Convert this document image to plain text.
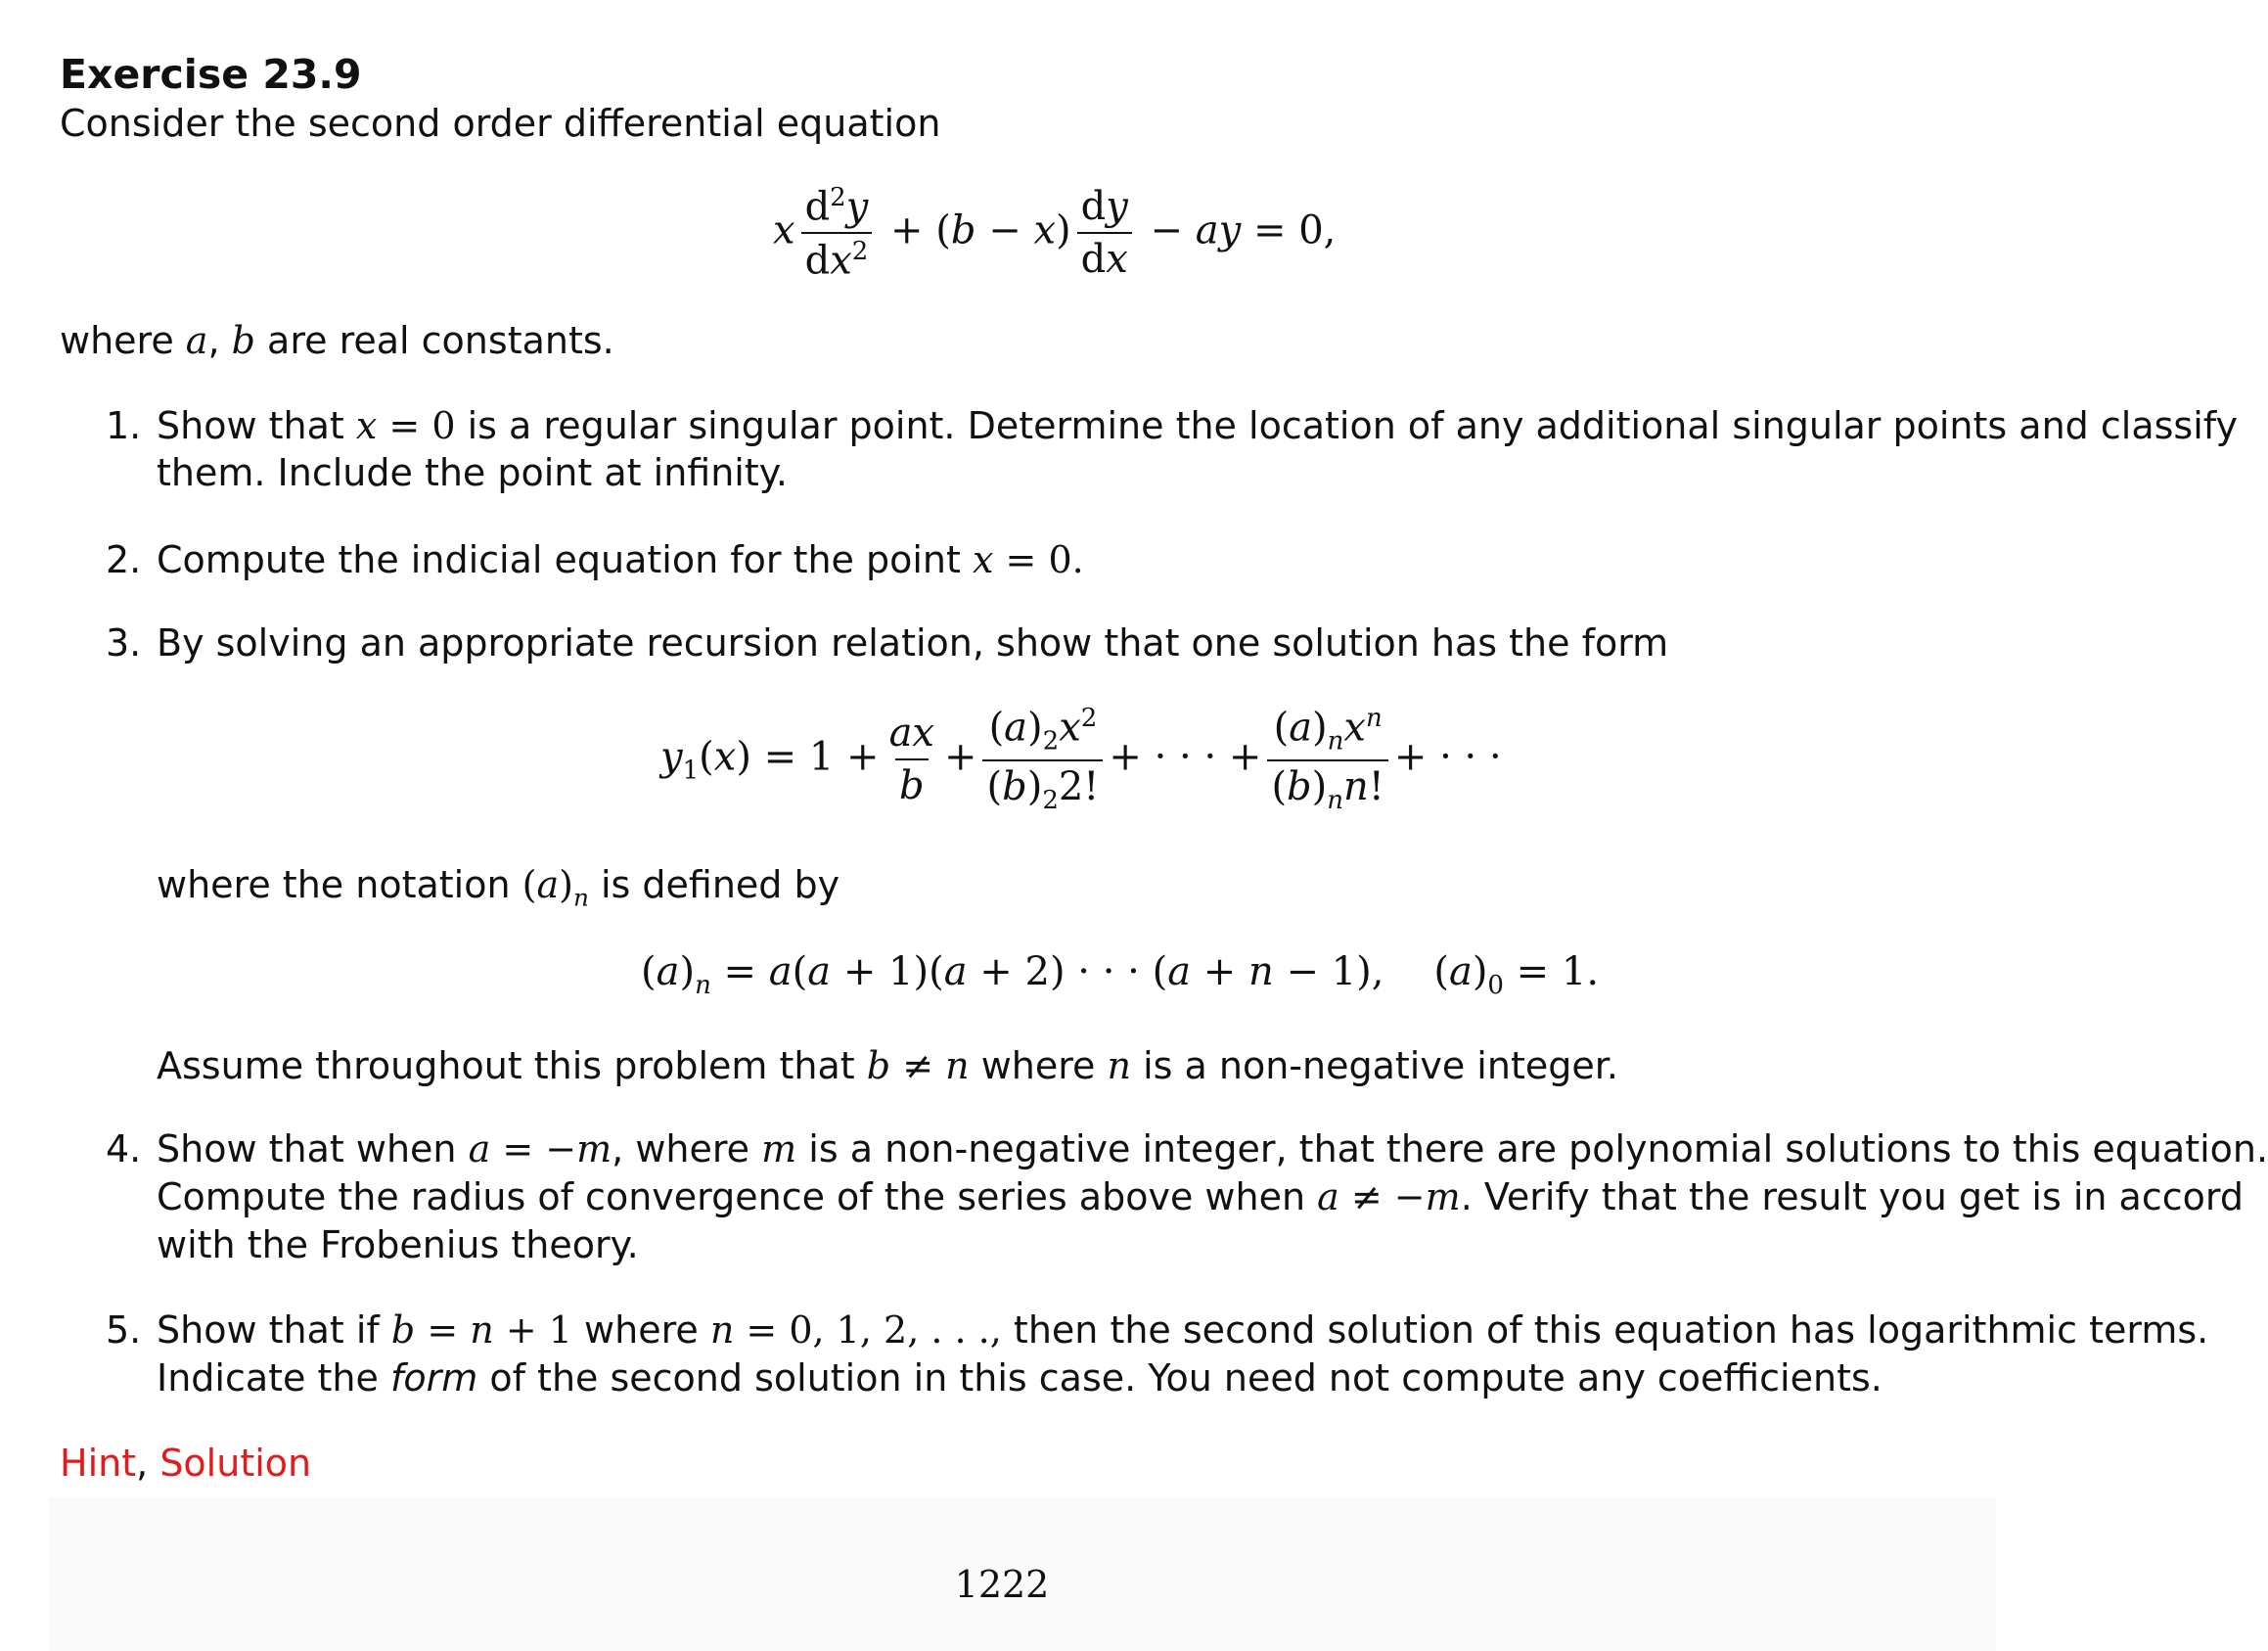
Exercise 23.9
Consider the second order differential equation
x $\frac{d^2y}{dx^2} + (b - x) \frac{dy}{dx}$ − ay = 0,
where a, b are real constants.
1. Show that x = 0 is a regular singular point. Determine the location of any additional singular points and classify
them. Include the point at infinity.
2. Compute the indicial equation for the point x = 0.
3. By solving an appropriate recursion relation, show that one solution has the form
$y_1(x) = 1 + \frac{ax}{b} + \frac{(a)_2x^2}{(b)_22!}$ + · · · + $\frac{(a)_nx^n}{(b)_nn!}$ + · · ·
where the notation $(a)_n$ is defined by
$(a)_n = a(a + 1)(a + 2)$ · · · (a + n − 1),    $(a)_0 = 1$.
Assume throughout this problem that b ≠ n where n is a non-negative integer.
4. Show that when a = −m, where m is a non-negative integer, that there are polynomial solutions to this equation.
Compute the radius of convergence of the series above when a ≠ −m. Verify that the result you get is in accord
with the Frobenius theory.
5. Show that if b = n + 1 where n = 0, 1, 2, . . ., then the second solution of this equation has logarithmic terms.
Indicate the form of the second solution in this case. You need not compute any coefficients.
Hint, Solution
1222
